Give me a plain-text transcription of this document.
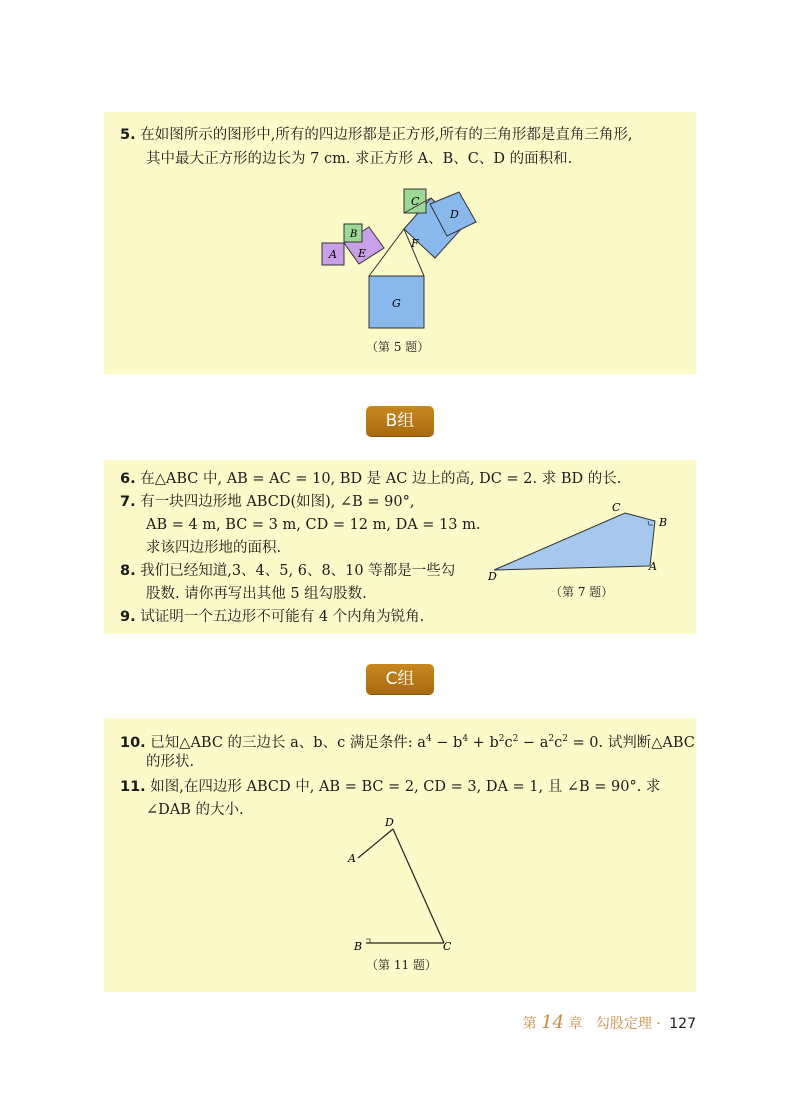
5. 在如图所示的图形中,所有的四边形都是正方形,所有的三角形都是直角三角形,
其中最大正方形的边长为 7 cm. 求正方形 A、B、C、D 的面积和.
G
F
E
A
B
C
D
（第 5 题）
B组
6. 在△ABC 中, AB = AC = 10, BD 是 AC 边上的高, DC = 2. 求 BD 的长.
7. 有一块四边形地 ABCD(如图), ∠B = 90°,
AB = 4 m, BC = 3 m, CD = 12 m, DA = 13 m.
求该四边形地的面积.
8. 我们已经知道,3、4、5, 6、8、10 等都是一些勾
股数. 请你再写出其他 5 组勾股数.
9. 试证明一个五边形不可能有 4 个内角为锐角.
D
C
B
A
（第 7 题）
C组
10. 已知△ABC 的三边长 a、b、c 满足条件: $a^4 - b^4 + b^2c^2 - a^2c^2 = 0$. 试判断△ABC
的形状.
11. 如图,在四边形 ABCD 中, AB = BC = 2, CD = 3, DA = 1, 且 ∠B = 90°. 求
∠DAB 的大小.
D
A
B	C
（第 11 题）
第 14 章 勾股定理 · 127
